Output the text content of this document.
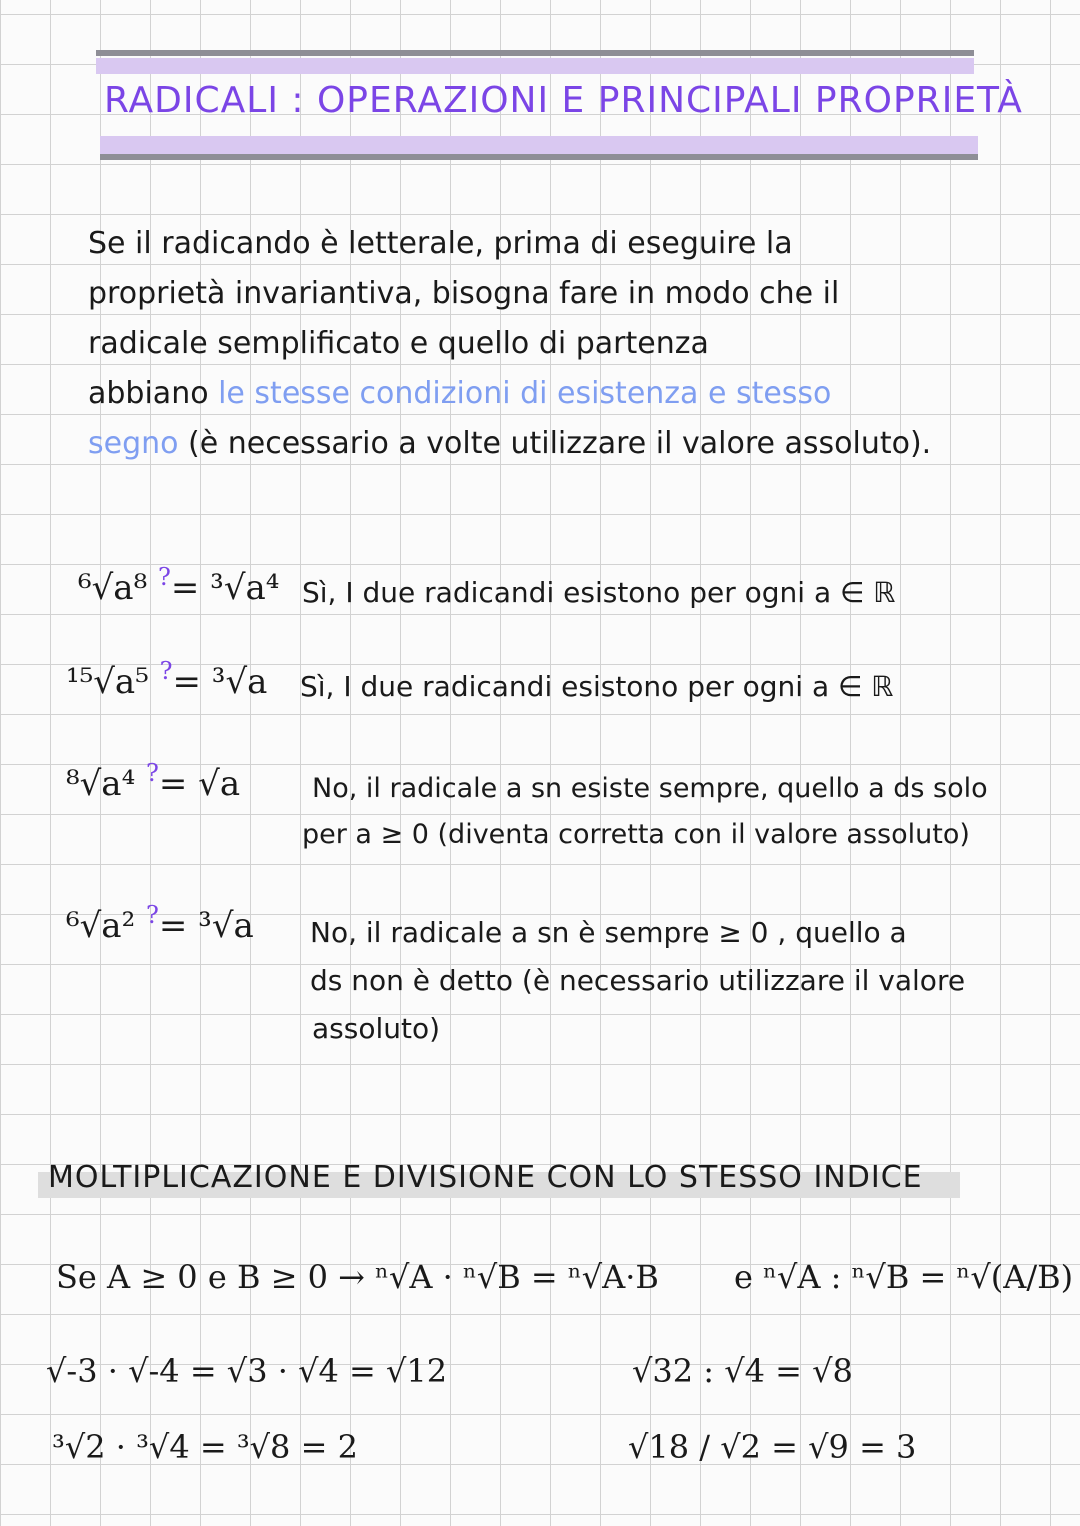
RADICALI : OPERAZIONI E PRINCIPALI PROPRIETÀ
Se il radicando è letterale, prima di eseguire la
proprietà invariantiva, bisogna fare in modo che il
radicale semplificato e quello di partenza
abbiano le stesse condizioni di esistenza e stesso
segno (è necessario a volte utilizzare il valore assoluto).
⁶√a⁸ ?= ³√a⁴ Sì, I due radicandi esistono per ogni a ∈ ℝ
¹⁵√a⁵ ?= ³√a Sì, I due radicandi esistono per ogni a ∈ ℝ
⁸√a⁴ ?= √a	No, il radicale a sn esiste sempre, quello a ds solo
per a ≥ 0 (diventa corretta con il valore assoluto)
⁶√a² ?= ³√a No, il radicale a sn è sempre ≥ 0 , quello a
ds non è detto (è necessario utilizzare il valore
assoluto)
MOLTIPLICAZIONE E DIVISIONE CON LO STESSO INDICE
Se A ≥ 0 e B ≥ 0 → ⁿ√A · ⁿ√B = ⁿ√A·B e ⁿ√A : ⁿ√B = ⁿ√(A/B)
√-3 · √-4 = √3 · √4 = √12	√32 : √4 = √8
³√2 · ³√4 = ³√8 = 2	√18 / √2 = √9 = 3
